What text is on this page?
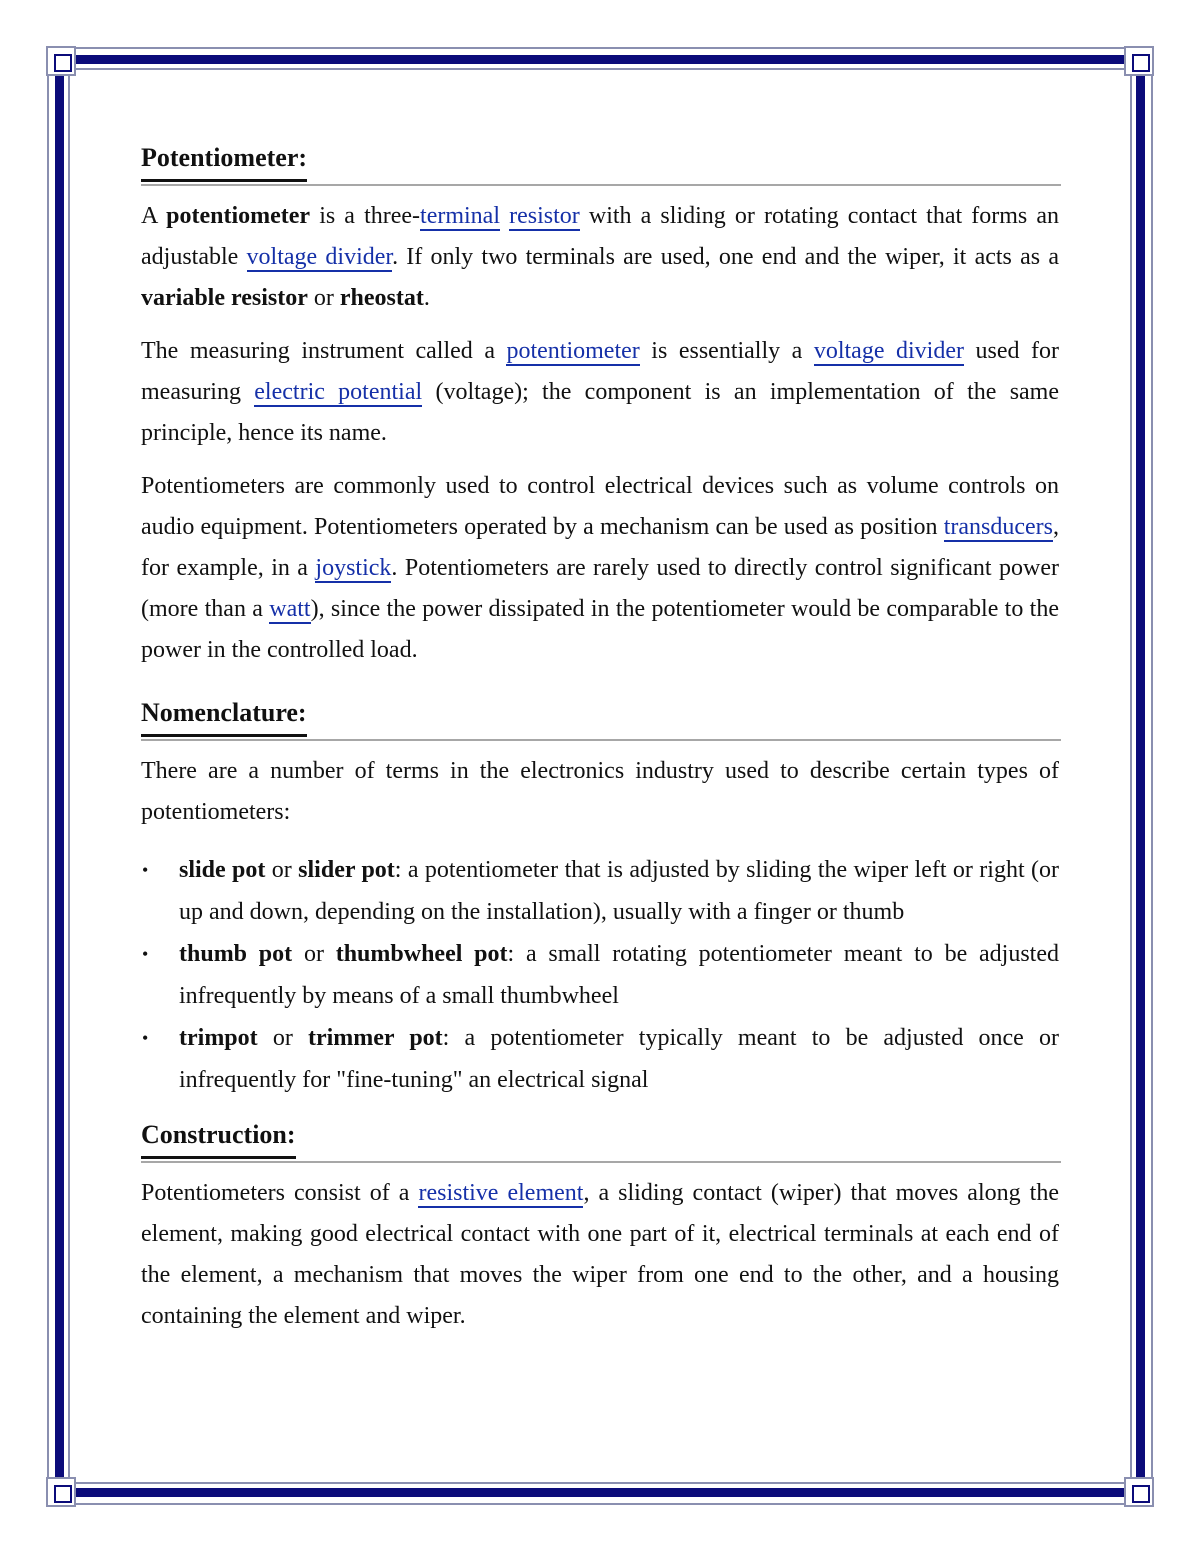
Potentiometer:

A potentiometer is a three-terminal resistor with a sliding or rotating contact that forms an adjustable voltage divider. If only two terminals are used, one end and the wiper, it acts as a variable resistor or rheostat.

The measuring instrument called a potentiometer is essentially a voltage divider used for measuring electric potential (voltage); the component is an implementation of the same principle, hence its name.

Potentiometers are commonly used to control electrical devices such as volume controls on audio equipment. Potentiometers operated by a mechanism can be used as position transducers, for example, in a joystick. Potentiometers are rarely used to directly control significant power (more than a watt), since the power dissipated in the potentiometer would be comparable to the power in the controlled load.

Nomenclature:

There are a number of terms in the electronics industry used to describe certain types of potentiometers:

• slide pot or slider pot: a potentiometer that is adjusted by sliding the wiper left or right (or up and down, depending on the installation), usually with a finger or thumb
• thumb pot or thumbwheel pot: a small rotating potentiometer meant to be adjusted infrequently by means of a small thumbwheel
• trimpot or trimmer pot: a potentiometer typically meant to be adjusted once or infrequently for "fine-tuning" an electrical signal
Construction:

Potentiometers consist of a resistive element, a sliding contact (wiper) that moves along the element, making good electrical contact with one part of it, electrical terminals at each end of the element, a mechanism that moves the wiper from one end to the other, and a housing containing the element and wiper.
